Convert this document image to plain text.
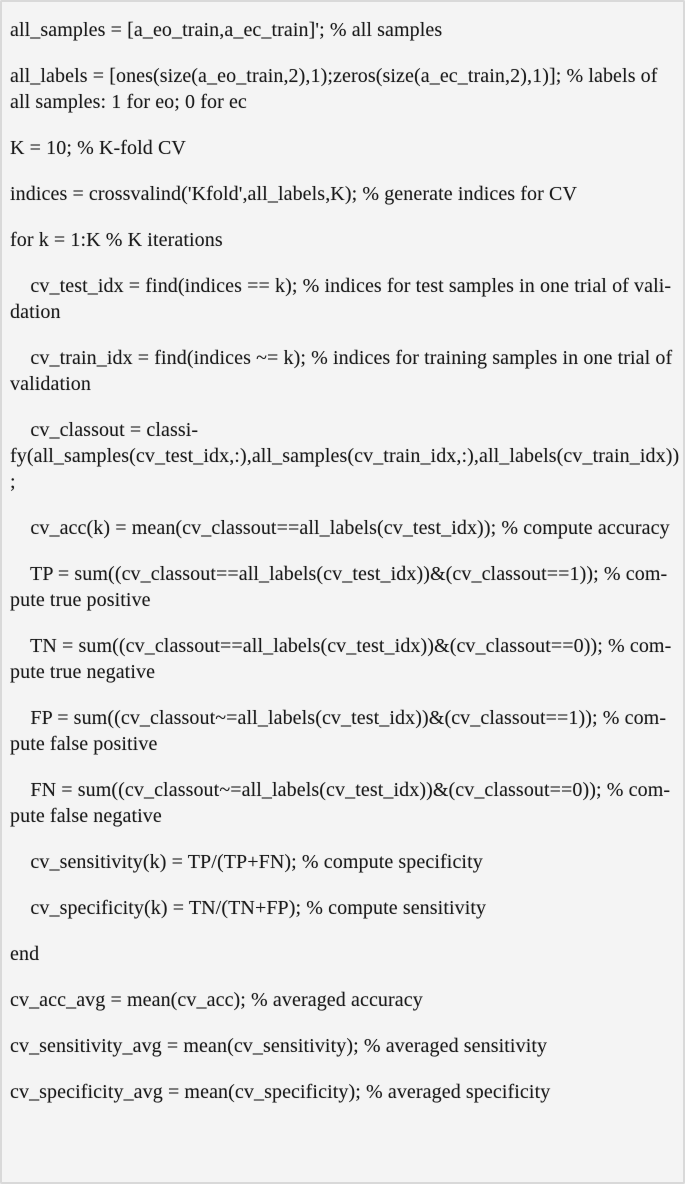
all_samples = [a_eo_train,a_ec_train]'; % all samples
all_labels = [ones(size(a_eo_train,2),1);zeros(size(a_ec_train,2),1)]; % labels of
all samples: 1 for eo; 0 for ec
K = 10; % K-fold CV
indices = crossvalind('Kfold',all_labels,K); % generate indices for CV
for k = 1:K % K iterations
cv_test_idx = find(indices == k); % indices for test samples in one trial of vali-
dation
cv_train_idx = find(indices ~= k); % indices for training samples in one trial of
validation
cv_classout = classi-
fy(all_samples(cv_test_idx,:),all_samples(cv_train_idx,:),all_labels(cv_train_idx))
;
cv_acc(k) = mean(cv_classout==all_labels(cv_test_idx)); % compute accuracy
TP = sum((cv_classout==all_labels(cv_test_idx))&(cv_classout==1)); % com-
pute true positive
TN = sum((cv_classout==all_labels(cv_test_idx))&(cv_classout==0)); % com-
pute true negative
FP = sum((cv_classout~=all_labels(cv_test_idx))&(cv_classout==1)); % com-
pute false positive
FN = sum((cv_classout~=all_labels(cv_test_idx))&(cv_classout==0)); % com-
pute false negative
cv_sensitivity(k) = TP/(TP+FN); % compute specificity
cv_specificity(k) = TN/(TN+FP); % compute sensitivity
end
cv_acc_avg = mean(cv_acc); % averaged accuracy
cv_sensitivity_avg = mean(cv_sensitivity); % averaged sensitivity
cv_specificity_avg = mean(cv_specificity); % averaged specificity
